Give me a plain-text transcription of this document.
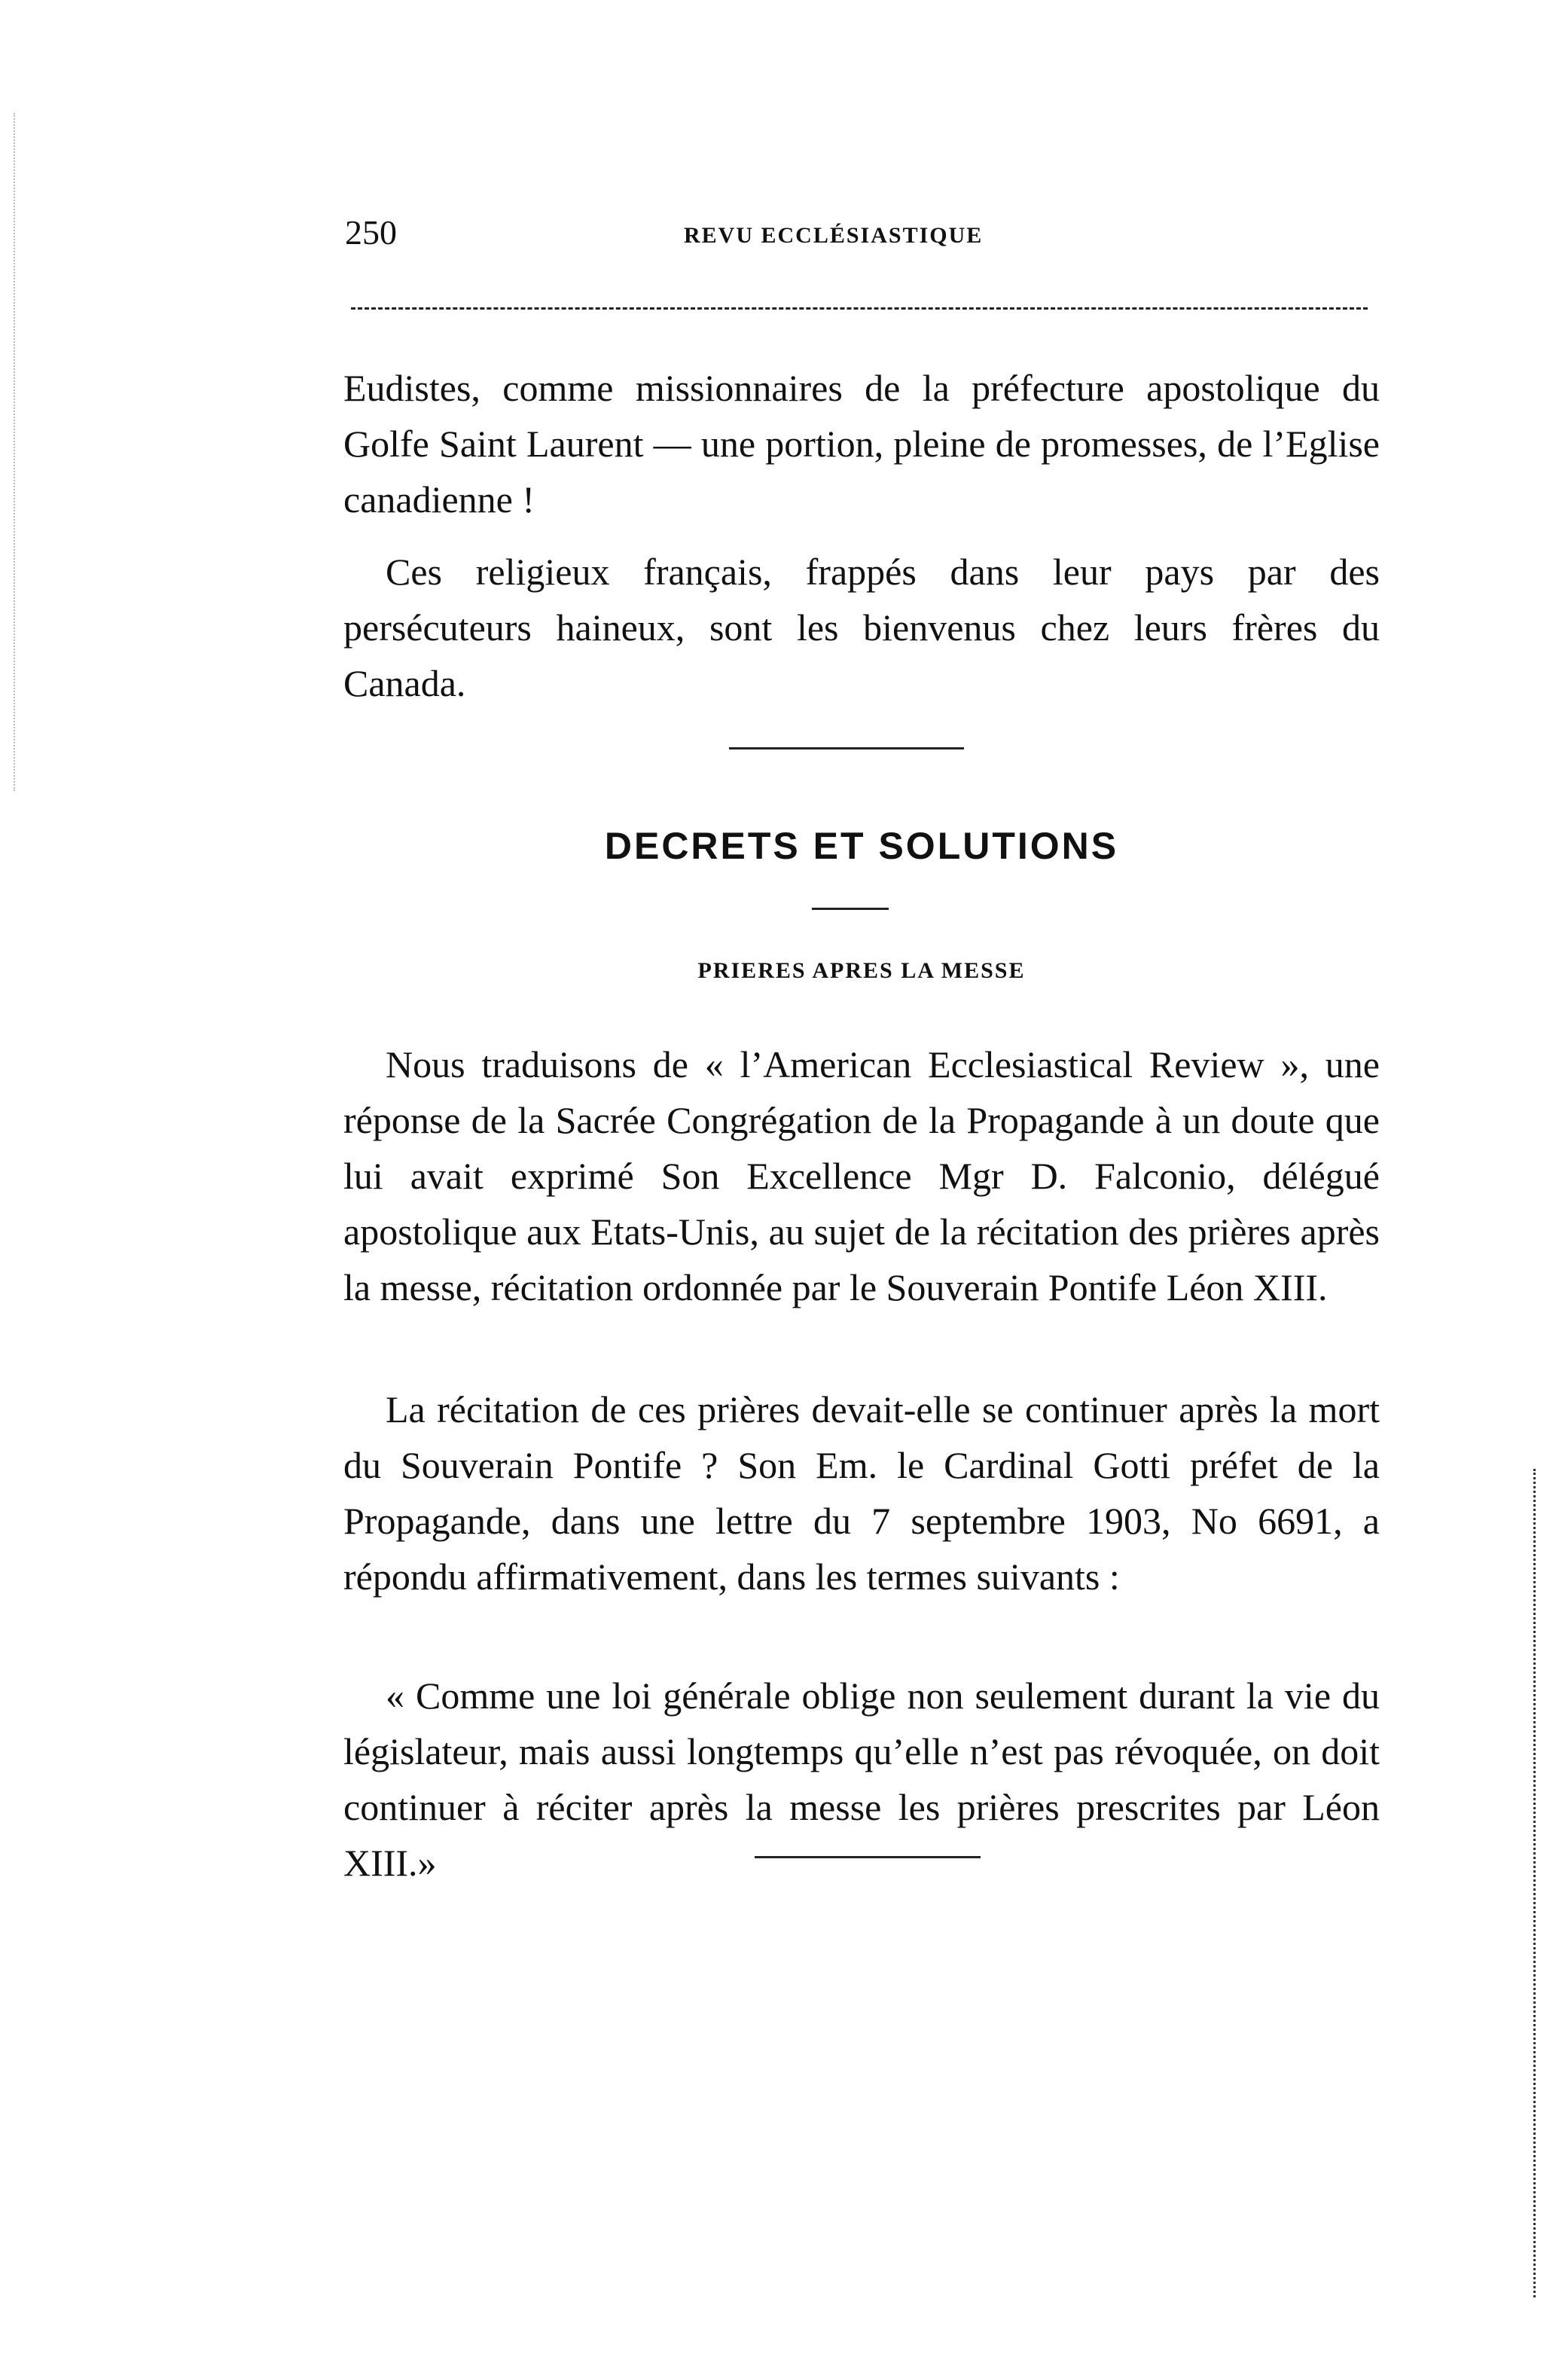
250	REVU ECCLÉSIASTIQUE

Eudistes, comme missionnaires de la préfecture apostolique du Golfe Saint Laurent — une portion, pleine de promesses, de l’Eglise canadienne !

Ces religieux français, frappés dans leur pays par des persécuteurs haineux, sont les bienvenus chez leurs frères du Canada.

DECRETS ET SOLUTIONS
PRIERES APRES LA MESSE

Nous traduisons de « l’American Ecclesiastical Review », une réponse de la Sacrée Congrégation de la Propagande à un doute que lui avait exprimé Son Excellence Mgr D. Falconio, délégué apostolique aux Etats-Unis, au sujet de la récitation des prières après la messe, récitation ordonnée par le Souverain Pontife Léon XIII.

La récitation de ces prières devait-elle se continuer après la mort du Souverain Pontife ? Son Em. le Cardinal Gotti préfet de la Propagande, dans une lettre du 7 septembre 1903, No 6691, a répondu affirmativement, dans les termes suivants :

« Comme une loi générale oblige non seulement durant la vie du législateur, mais aussi longtemps qu’elle n’est pas révoquée, on doit continuer à réciter après la messe les prières prescrites par Léon XIII.»
